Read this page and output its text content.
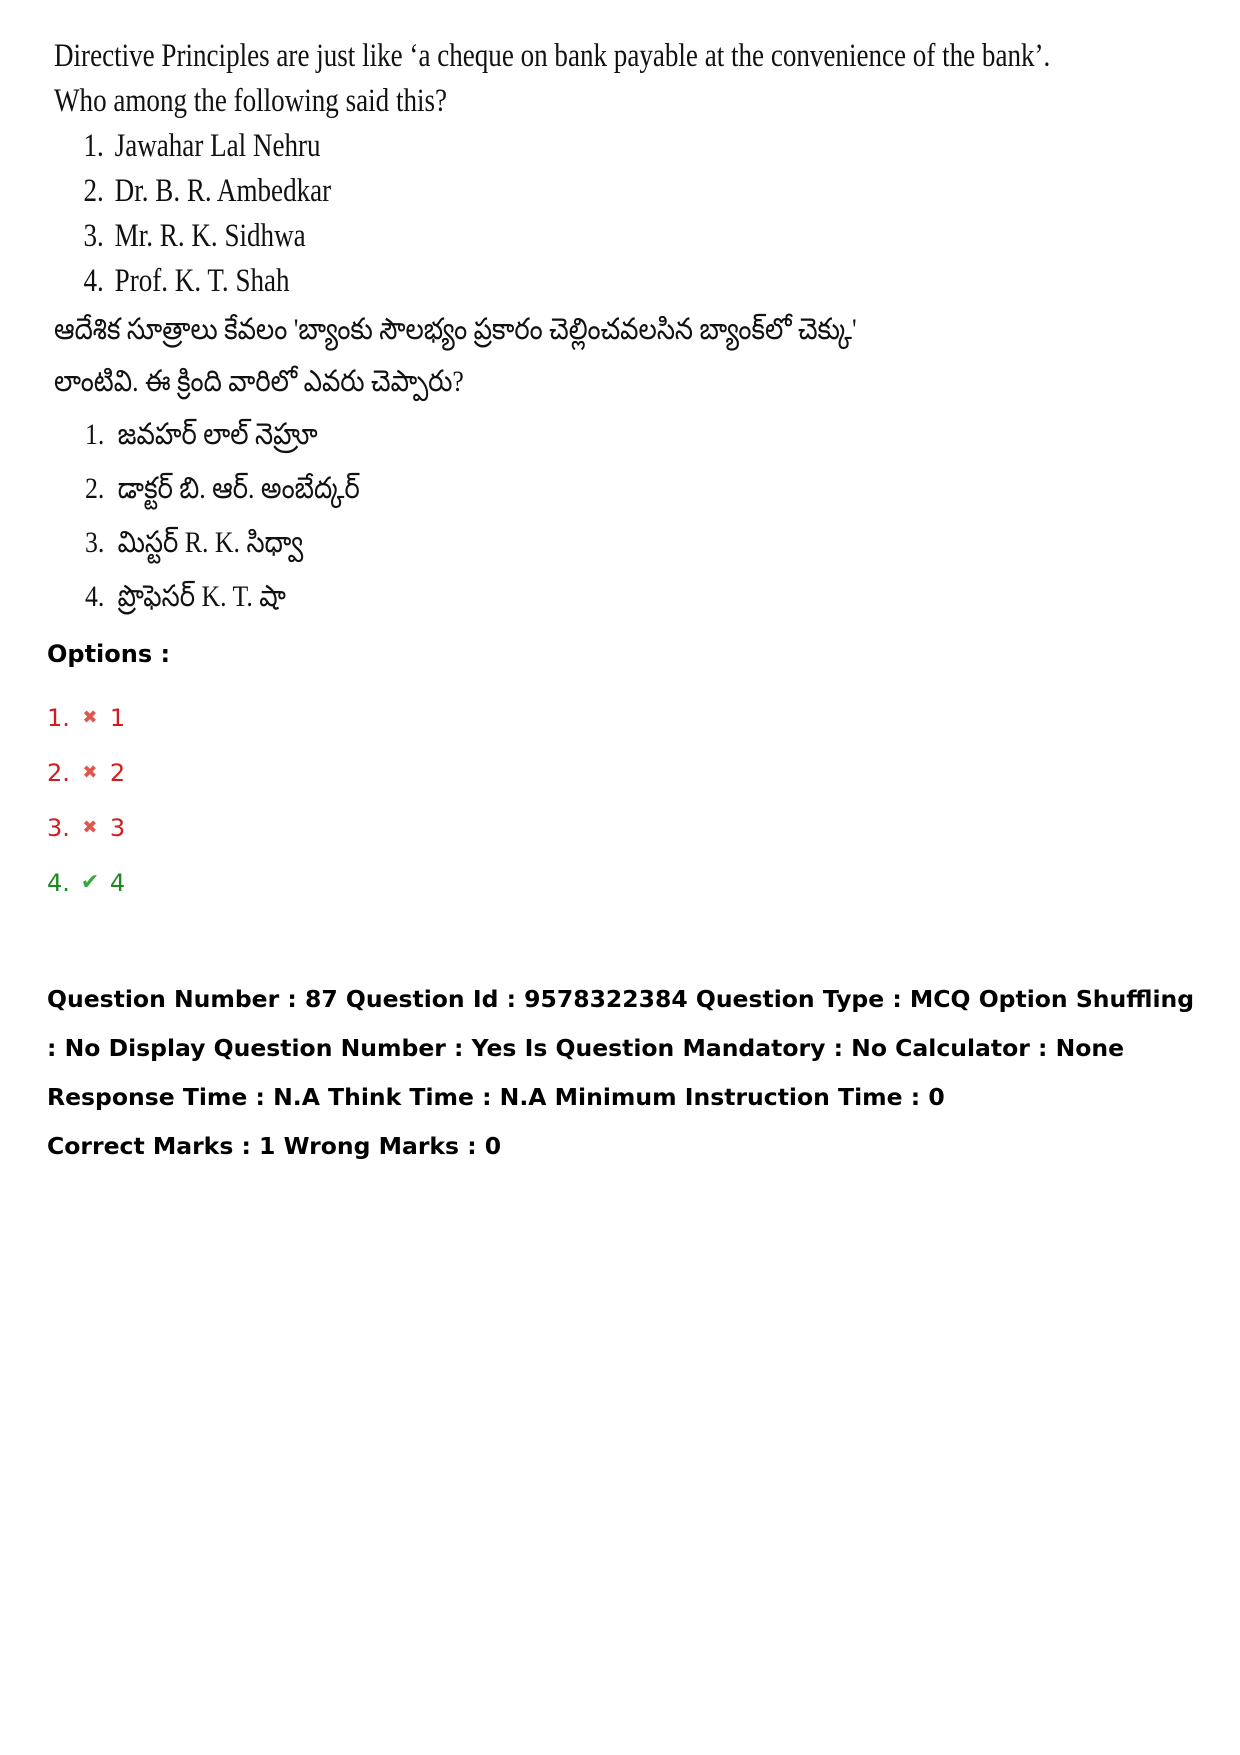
Directive Principles are just like ‘a cheque on bank payable at the convenience of the bank’.
Who among the following said this?
1. Jawahar Lal Nehru
2. Dr. B. R. Ambedkar
3. Mr. R. K. Sidhwa
4. Prof. K. T. Shah
ఆదేశిక సూత్రాలు కేవలం 'బ్యాంకు సౌలభ్యం ప్రకారం చెల్లించవలసిన బ్యాంక్‌లో చెక్కు'
లాంటివి. ఈ క్రింది వారిలో ఎవరు చెప్పారు?
1. జవహర్ లాల్ నెహ్రూ
2. డాక్టర్ బి. ఆర్. అంబేద్కర్
3. మిస్టర్ R. K. సిధ్వా
4. ప్రొఫెసర్ K. T. షా
Options :
1. ✖ 1
2. ✖ 2
3. ✖ 3
4. ✔ 4
Question Number : 87 Question Id : 9578322384 Question Type : MCQ Option Shuffling : No Display Question Number : Yes Is Question Mandatory : No Calculator : None Response Time : N.A Think Time : N.A Minimum Instruction Time : 0
Correct Marks : 1 Wrong Marks : 0
